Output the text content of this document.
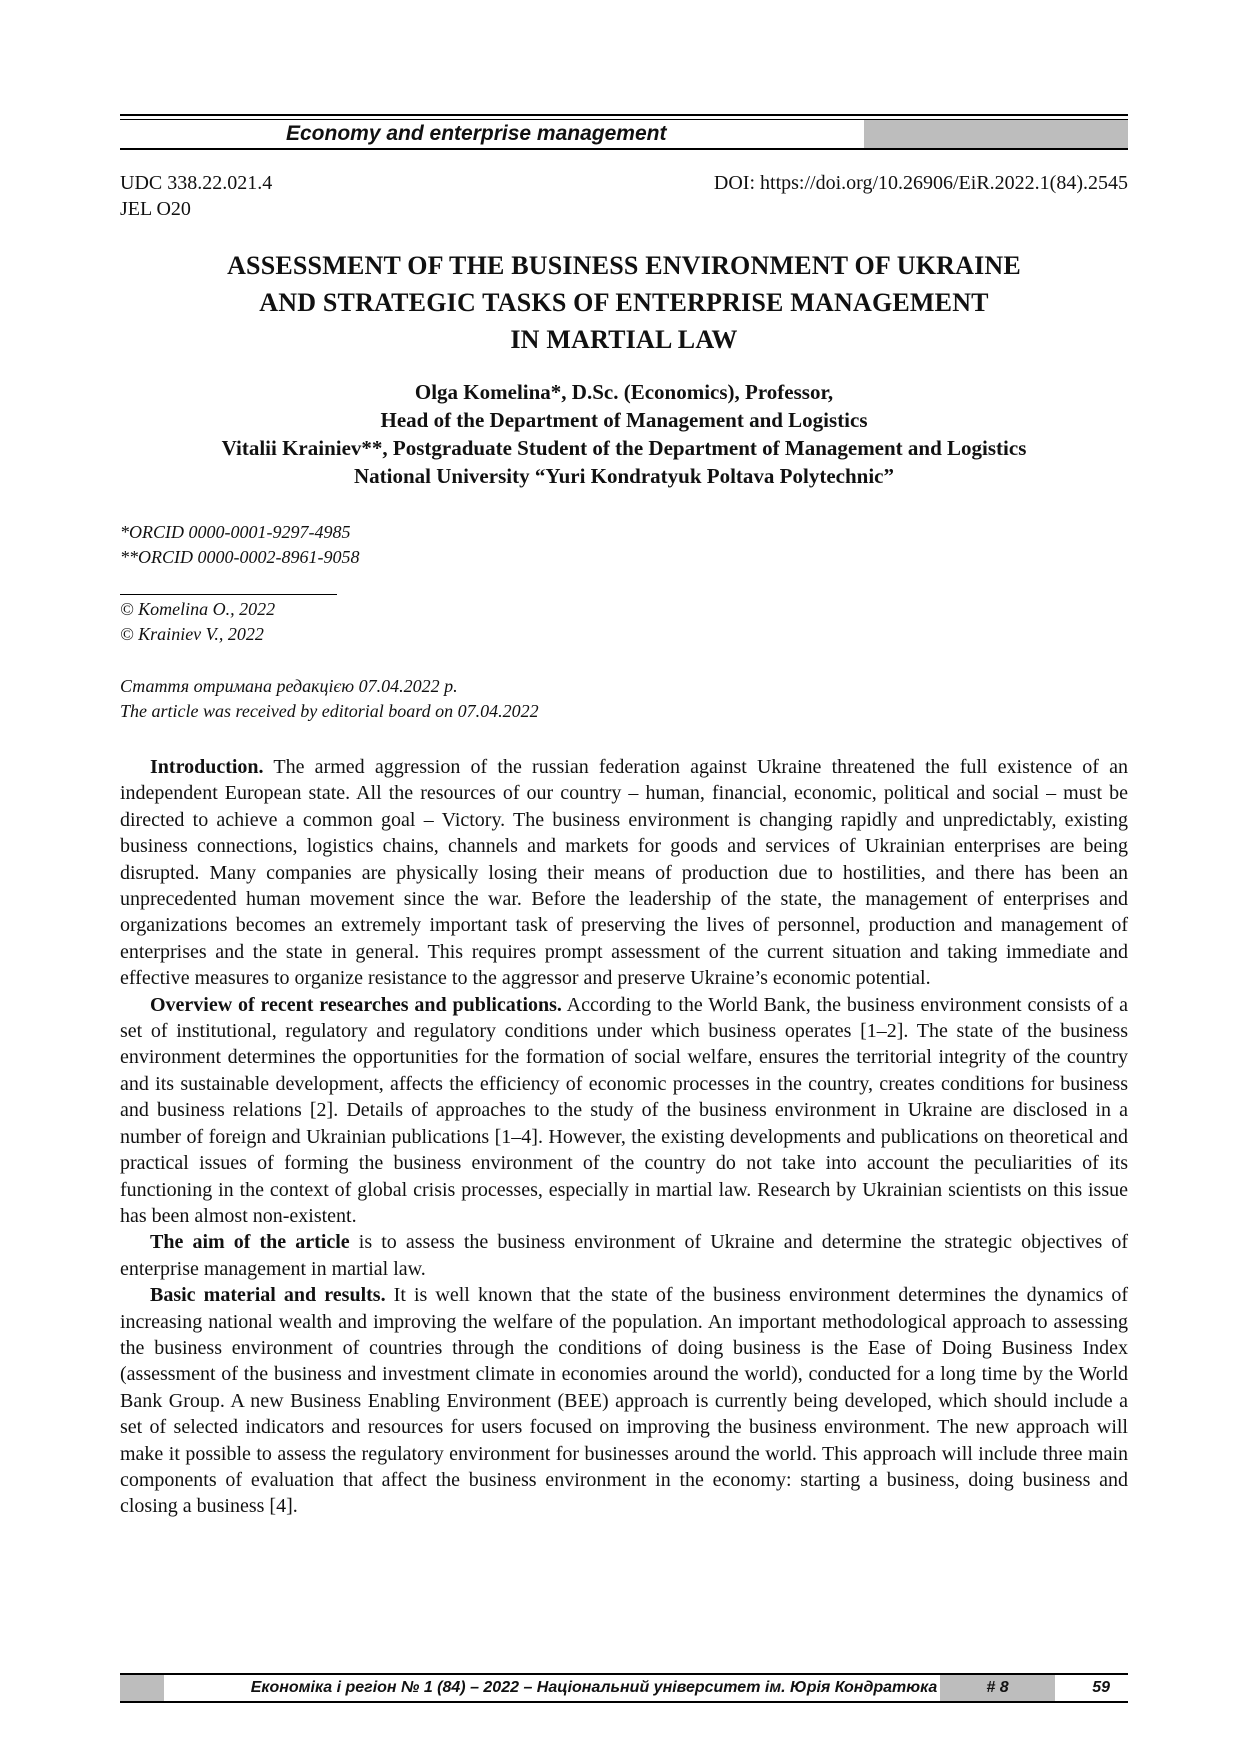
Economy and enterprise management
UDC 338.22.021.4
JEL O20
DOI: https://doi.org/10.26906/EiR.2022.1(84).2545
ASSESSMENT OF THE BUSINESS ENVIRONMENT OF UKRAINE
AND STRATEGIC TASKS OF ENTERPRISE MANAGEMENT
IN MARTIAL LAW
Olga Komelina*, D.Sc. (Economics), Professor,
Head of the Department of Management and Logistics
Vitalii Krainiev**, Postgraduate Student of the Department of Management and Logistics
National University “Yuri Kondratyuk Poltava Polytechnic”
*ORCID 0000-0001-9297-4985
**ORCID 0000-0002-8961-9058
© Komelina O., 2022
© Krainiev V., 2022
Стаття отримана редакцією 07.04.2022 р.
The article was received by editorial board on 07.04.2022

Introduction. The armed aggression of the russian federation against Ukraine threatened the full existence of an independent European state. All the resources of our country – human, financial, economic, political and social – must be directed to achieve a common goal – Victory. The business environment is changing rapidly and unpredictably, existing business connections, logistics chains, channels and markets for goods and services of Ukrainian enterprises are being disrupted. Many companies are physically losing their means of production due to hostilities, and there has been an unprecedented human movement since the war. Before the leadership of the state, the management of enterprises and organizations becomes an extremely important task of preserving the lives of personnel, production and management of enterprises and the state in general. This requires prompt assessment of the current situation and taking immediate and effective measures to organize resistance to the aggressor and preserve Ukraine’s economic potential.

Overview of recent researches and publications. According to the World Bank, the business environment consists of a set of institutional, regulatory and regulatory conditions under which business operates [1–2]. The state of the business environment determines the opportunities for the formation of social welfare, ensures the territorial integrity of the country and its sustainable development, affects the efficiency of economic processes in the country, creates conditions for business and business relations [2]. Details of approaches to the study of the business environment in Ukraine are disclosed in a number of foreign and Ukrainian publications [1–4]. However, the existing developments and publications on theoretical and practical issues of forming the business environment of the country do not take into account the peculiarities of its functioning in the context of global crisis processes, especially in martial law. Research by Ukrainian scientists on this issue has been almost non-existent.

The aim of the article is to assess the business environment of Ukraine and determine the strategic objectives of enterprise management in martial law.

Basic material and results. It is well known that the state of the business environment determines the dynamics of increasing national wealth and improving the welfare of the population. An important methodological approach to assessing the business environment of countries through the conditions of doing business is the Ease of Doing Business Index (assessment of the business and investment climate in economies around the world), conducted for a long time by the World Bank Group. A new Business Enabling Environment (BEE) approach is currently being developed, which should include a set of selected indicators and resources for users focused on improving the business environment. The new approach will make it possible to assess the regulatory environment for businesses around the world. This approach will include three main components of evaluation that affect the business environment in the economy: starting a business, doing business and closing a business [4].

Економіка і регіон № 1 (84) – 2022 – Національний університет ім. Юрія Кондратюка	59
# 8
